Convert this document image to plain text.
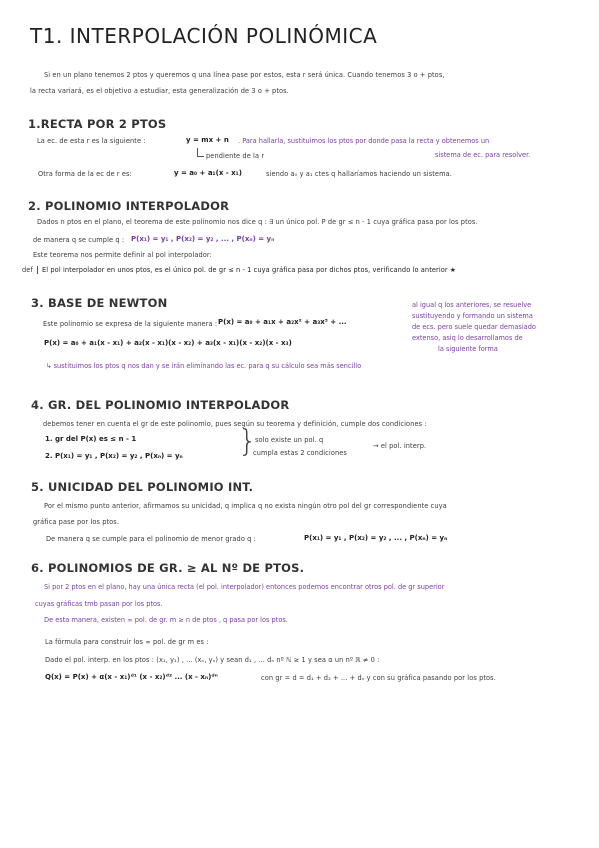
T1. INTERPOLACIÓN POLINÓMICA
Si en un plano tenemos 2 ptos y queremos q una línea pase por estos, esta r será única. Cuando tenemos 3 o + ptos,
la recta variará, es el objetivo a estudiar, esta generalización de 3 o + ptos.
1.RECTA POR 2 PTOS
La ec. de esta r es la siguiente :	y = mx + n . Para hallarla, sustituimos los ptos por donde pasa la recta y obtenemos un
sistema de ec. para resolver.
pendiente de la r
Otra forma de la ec de r es:	y = a₀ + a₁(x - x₁)	siendo a₀ y a₁ ctes q hallaríamos haciendo un sistema.
2. POLINOMIO INTERPOLADOR
Dados n ptos en el plano, el teorema de este polinomio nos dice q : ∃ un único pol. P de gr ≤ n - 1 cuya gráfica pasa por los ptos.
de manera q se cumple q : P(x₁) = y₁ , P(x₂) = y₂ , ... , P(xₙ) = yₙ
Este teorema nos permite definir al pol interpolador:
def	El pol interpolador en unos ptos, es el único pol. de gr ≤ n - 1 cuya gráfica pasa por dichos ptos, verificando lo anterior ★
3. BASE DE NEWTON
Este polinomio se expresa de la siguiente manera : P(x) = a₀ + a₁x + a₂x² + a₃x³ + ...
P(x) = a₀ + a₁(x - x₁) + a₂(x - x₁)(x - x₂) + a₃(x - x₁)(x - x₂)(x - x₃)
al igual q los anteriores, se resuelve
sustituyendo y formando un sistema
de ecs. pero suele quedar demasiado
extenso, asiq lo desarrollamos de
la siguiente forma
↳ sustituimos los ptos q nos dan y se irán eliminando las ec. para q su cálculo sea más sencillo
4. GR. DEL POLINOMIO INTERPOLADOR
debemos tener en cuenta el gr de este polinomio, pues según su teorema y definición, cumple dos condiciones :
1. gr del P(x) es ≤ n - 1
2. P(x₁) = y₁ , P(x₂) = y₂ , P(xₙ) = yₙ }
solo existe un pol. q
cumpla estas 2 condiciones
→ el pol. interp.
5. UNICIDAD DEL POLINOMIO INT.
Por el mismo punto anterior, afirmamos su unicidad, q implica q no exista ningún otro pol del gr correspondiente cuya
gráfica pase por los ptos.
De manera q se cumple para el polinomio de menor grado q :	P(x₁) = y₁ , P(x₂) = y₂ , ... , P(xₙ) = yₙ
6. POLINOMIOS DE GR. ≥ AL Nº DE PTOS.
Si por 2 ptos en el plano, hay una única recta (el pol. interpolador) entonces podemos encontrar otros pol. de gr superior
cuyas gráficas tmb pasan por los ptos.
De esta manera, existen ∞ pol. de gr. m ≥ n de ptos , q pasa por los ptos.
La fórmula para construir los ∞ pol. de gr m es :
Dado el pol. interp. en los ptos : (x₁, y₁) , ... (xₙ, yₙ) y sean d₁ , ... dₙ nº ℕ ≥ 1 y sea α un nº ℝ ≠ 0 :
Q(x) = P(x) + α(x - x₁)ᵈ¹ (x - x₂)ᵈ² ... (x - xₙ)ᵈⁿ	con gr = d = d₁ + d₂ + ... + dₙ y con su gráfica pasando por los ptos.
